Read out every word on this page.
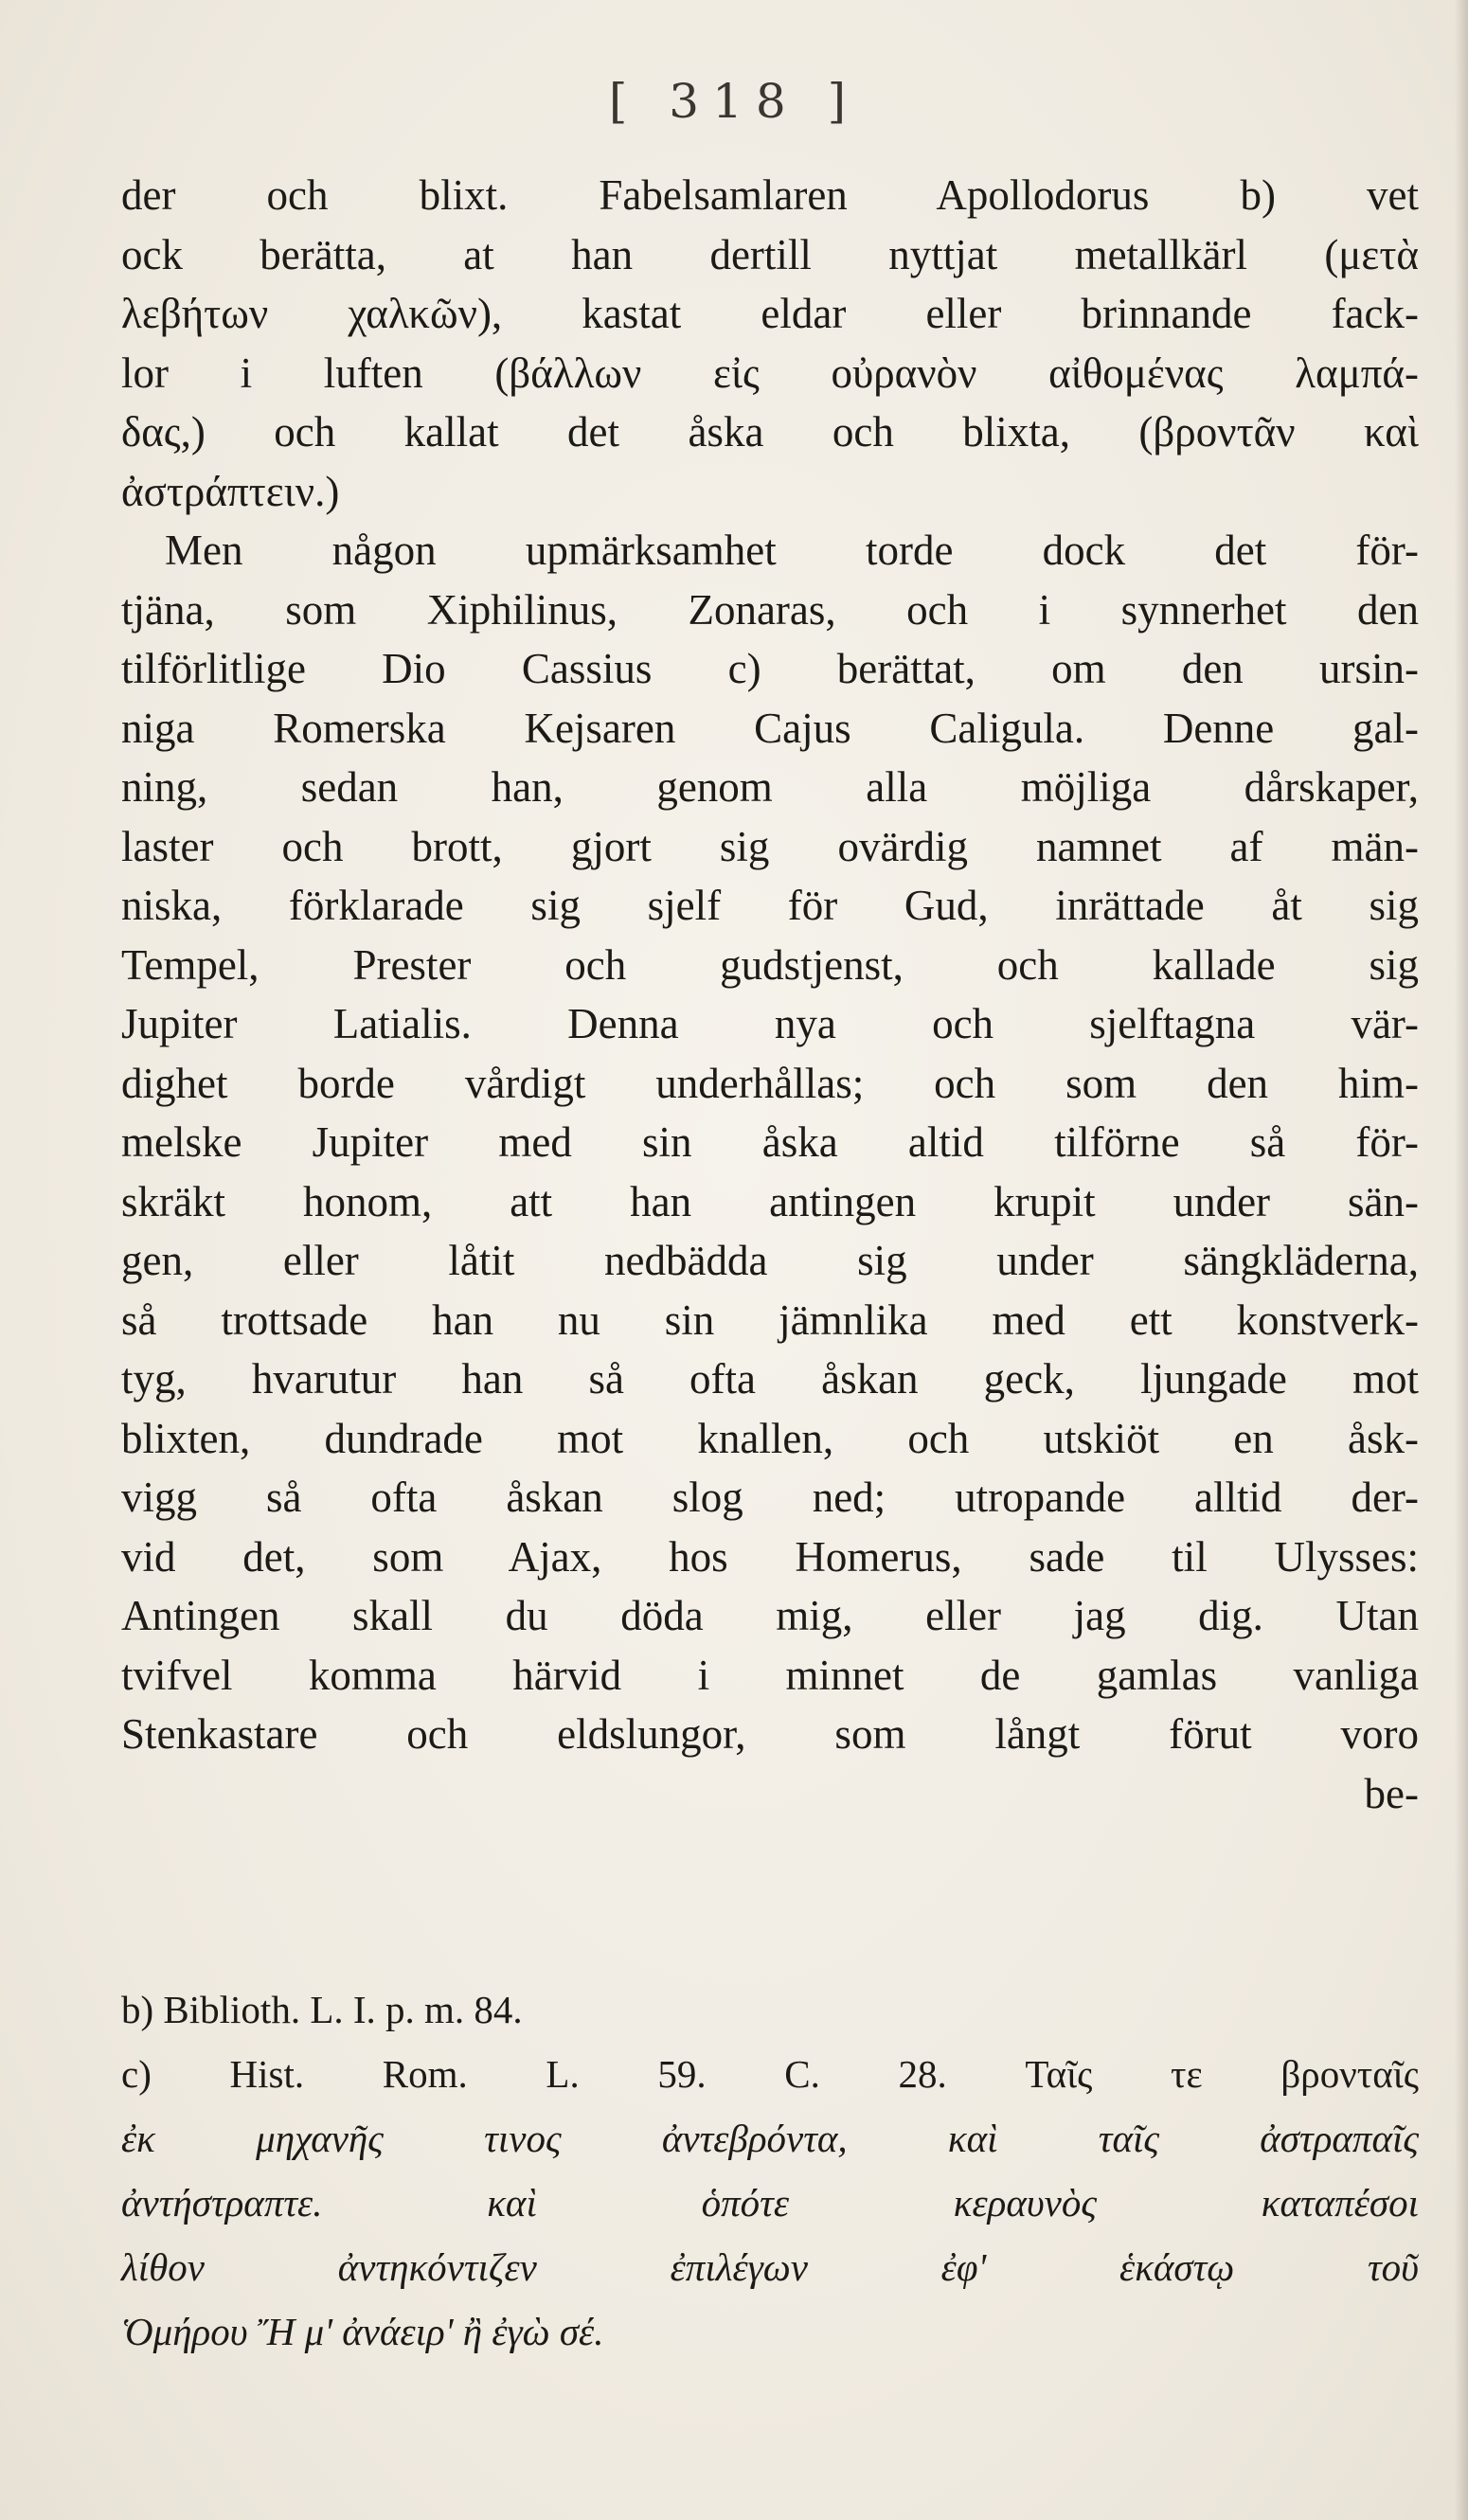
[ 318 ]
der och blixt. Fabelsamlaren Apollodorus b) vet
ock berätta, at han dertill nyttjat metallkärl (μετὰ
λεβήτων χαλκῶν), kastat eldar eller brinnande fack-
lor i luften (βάλλων εἰς οὐρανὸν αἰθομένας λαμπά-
δας,) och kallat det åska och blixta, (βροντᾶν καὶ
ἀστράπτειν.)
Men någon upmärksamhet torde dock det för-
tjäna, som Xiphilinus, Zonaras, och i synnerhet den
tilförlitlige Dio Cassius c) berättat, om den ursin-
niga Romerska Kejsaren Cajus Caligula. Denne gal-
ning, sedan han, genom alla möjliga dårskaper,
laster och brott, gjort sig ovärdig namnet af män-
niska, förklarade sig sjelf för Gud, inrättade åt sig
Tempel, Prester och gudstjenst, och kallade sig
Jupiter Latialis. Denna nya och sjelftagna vär-
dighet borde vårdigt underhållas; och som den him-
melske Jupiter med sin åska altid tilförne så för-
skräkt honom, att han antingen krupit under sän-
gen, eller låtit nedbädda sig under sängkläderna,
så trottsade han nu sin jämnlika med ett konstverk-
tyg, hvarutur han så ofta åskan geck, ljungade mot
blixten, dundrade mot knallen, och utskiöt en åsk-
vigg så ofta åskan slog ned; utropande alltid der-
vid det, som Ajax, hos Homerus, sade til Ulysses:
Antingen skall du döda mig, eller jag dig. Utan
tvifvel komma härvid i minnet de gamlas vanliga
Stenkastare och eldslungor, som långt förut voro
be-
b) Biblioth. L. I. p. m. 84.
c) Hist. Rom. L. 59. C. 28. Ταῖς τε βρονταῖς
ἐκ μηχανῆς τινος ἀντεβρόντα, καὶ ταῖς ἀστραπαῖς
ἀντήστραπτε. καὶ ὁπότε κεραυνὸς καταπέσοι
λίθον ἀντηκόντιζεν ἐπιλέγων ἐφ' ἑκάστῳ τοῦ
Ὁμήρου Ἤ μ' ἀνάειρ' ἢ ἐγὼ σέ.
